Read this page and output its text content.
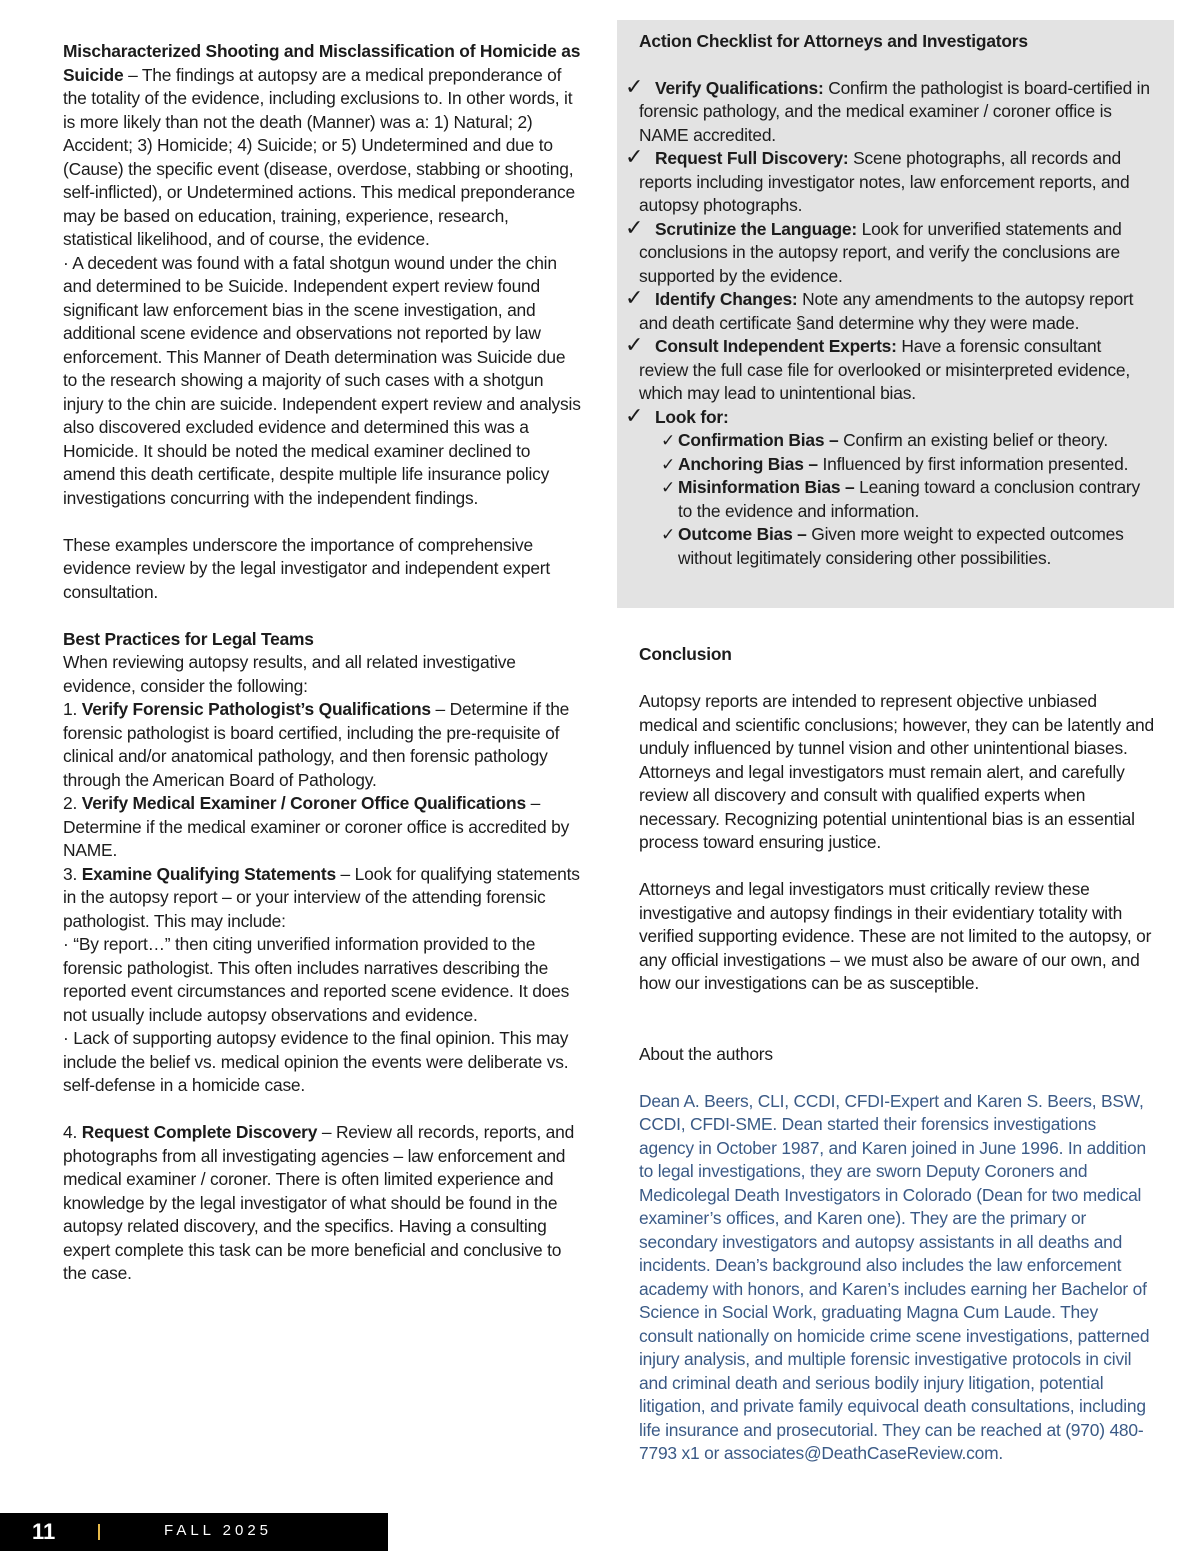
Mischaracterized Shooting and Misclassification of Homicide as Suicide – The findings at autopsy are a medical preponderance of the totality of the evidence, including exclusions to. In other words, it is more likely than not the death (Manner) was a: 1) Natural; 2) Accident; 3) Homicide; 4) Suicide; or 5) Undetermined and due to (Cause) the specific event (disease, overdose, stabbing or shooting, self-inflicted), or Undetermined actions. This medical preponderance may be based on education, training, experience, research, statistical likelihood, and of course, the evidence.

· A decedent was found with a fatal shotgun wound under the chin and determined to be Suicide. Independent expert review found significant law enforcement bias in the scene investigation, and additional scene evidence and observations not reported by law enforcement. This Manner of Death determination was Suicide due to the research showing a majority of such cases with a shotgun injury to the chin are suicide. Independent expert review and analysis also discovered excluded evidence and determined this was a Homicide. It should be noted the medical examiner declined to amend this death certificate, despite multiple life insurance policy investigations concurring with the independent findings.

These examples underscore the importance of comprehensive evidence review by the legal investigator and independent expert consultation.

Best Practices for Legal Teams

When reviewing autopsy results, and all related investigative evidence, consider the following:

1. Verify Forensic Pathologist’s Qualifications – Determine if the forensic pathologist is board certified, including the pre-requisite of clinical and/or anatomical pathology, and then forensic pathology through the American Board of Pathology.

2. Verify Medical Examiner / Coroner Office Qualifications – Determine if the medical examiner or coroner office is accredited by NAME.

3. Examine Qualifying Statements – Look for qualifying statements in the autopsy report – or your interview of the attending forensic pathologist. This may include:

· “By report…” then citing unverified information provided to the forensic pathologist. This often includes narratives describing the reported event circumstances and reported scene evidence. It does not usually include autopsy observations and evidence.

· Lack of supporting autopsy evidence to the final opinion. This may include the belief vs. medical opinion the events were deliberate vs. self-defense in a homicide case.

4. Request Complete Discovery – Review all records, reports, and photographs from all investigating agencies – law enforcement and medical examiner / coroner. There is often limited experience and knowledge by the legal investigator of what should be found in the autopsy related discovery, and the specifics. Having a consulting expert complete this task can be more beneficial and conclusive to the case.

Action Checklist for Attorneys and Investigators

✓ Verify Qualifications: Confirm the pathologist is board-certified in forensic pathology, and the medical examiner / coroner office is NAME accredited.

✓ Request Full Discovery: Scene photographs, all records and reports including investigator notes, law enforcement reports, and autopsy photographs.

✓ Scrutinize the Language: Look for unverified statements and conclusions in the autopsy report, and verify the conclusions are supported by the evidence.

✓ Identify Changes: Note any amendments to the autopsy report and death certificate §and determine why they were made.

✓ Consult Independent Experts: Have a forensic consultant review the full case file for overlooked or misinterpreted evidence, which may lead to unintentional bias.

✓ Look for:

✓ Confirmation Bias – Confirm an existing belief or theory.

✓ Anchoring Bias – Influenced by first information presented.

✓ Misinformation Bias – Leaning toward a conclusion contrary to the evidence and information.

✓ Outcome Bias – Given more weight to expected outcomes without legitimately considering other possibilities.

Conclusion

Autopsy reports are intended to represent objective unbiased medical and scientific conclusions; however, they can be latently and unduly influenced by tunnel vision and other unintentional biases. Attorneys and legal investigators must remain alert, and carefully review all discovery and consult with qualified experts when necessary. Recognizing potential unintentional bias is an essential process toward ensuring justice.

Attorneys and legal investigators must critically review these investigative and autopsy findings in their evidentiary totality with verified supporting evidence. These are not limited to the autopsy, or any official investigations – we must also be aware of our own, and how our investigations can be as susceptible.

About the authors

Dean A. Beers, CLI, CCDI, CFDI-Expert and Karen S. Beers, BSW, CCDI, CFDI-SME. Dean started their forensics investigations agency in October 1987, and Karen joined in June 1996. In addition to legal investigations, they are sworn Deputy Coroners and Medicolegal Death Investigators in Colorado (Dean for two medical examiner’s offices, and Karen one). They are the primary or secondary investigators and autopsy assistants in all deaths and incidents. Dean’s background also includes the law enforcement academy with honors, and Karen’s includes earning her Bachelor of Science in Social Work, graduating Magna Cum Laude. They consult nationally on homicide crime scene investigations, patterned injury analysis, and multiple forensic investigative protocols in civil and criminal death and serious bodily injury litigation, potential litigation, and private family equivocal death consultations, including life insurance and prosecutorial. They can be reached at (970) 480-7793 x1 or associates@DeathCaseReview.com.

11	FALL 2025
